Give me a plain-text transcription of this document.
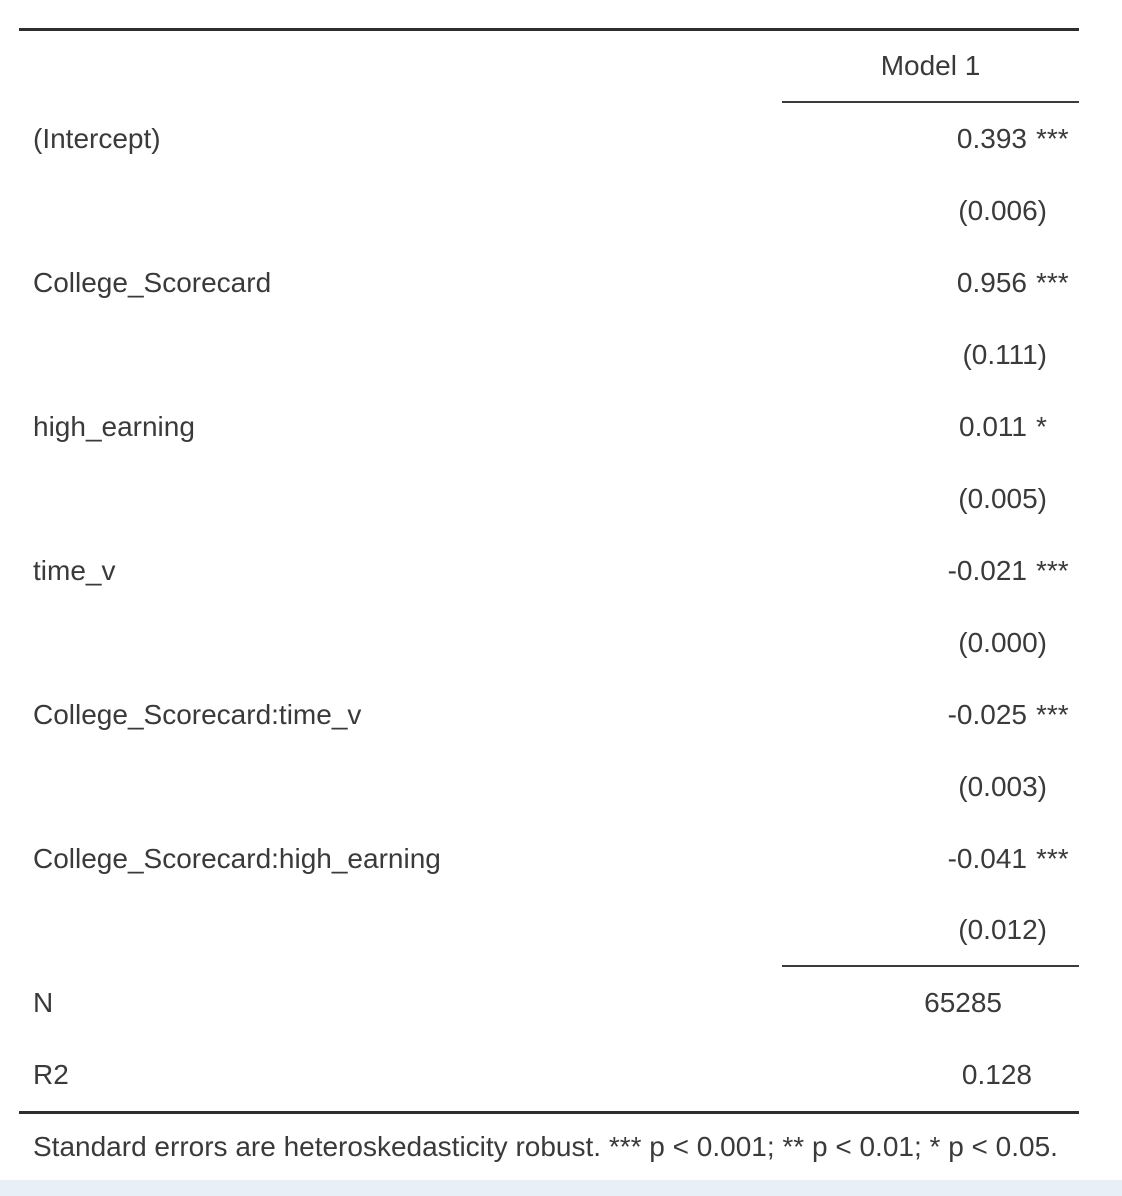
Model 1
(Intercept)	0.393 ***
(0.006)
College_Scorecard	0.956 ***
(0.111)
high_earning	0.011 *
(0.005)
time_v	-0.021 ***
(0.000)
College_Scorecard:time_v	-0.025 ***
(0.003)
College_Scorecard:high_earning	-0.041 ***
(0.012)
N	65285
R2	0.128
Standard errors are heteroskedasticity robust. *** p < 0.001; ** p < 0.01; * p < 0.05.
